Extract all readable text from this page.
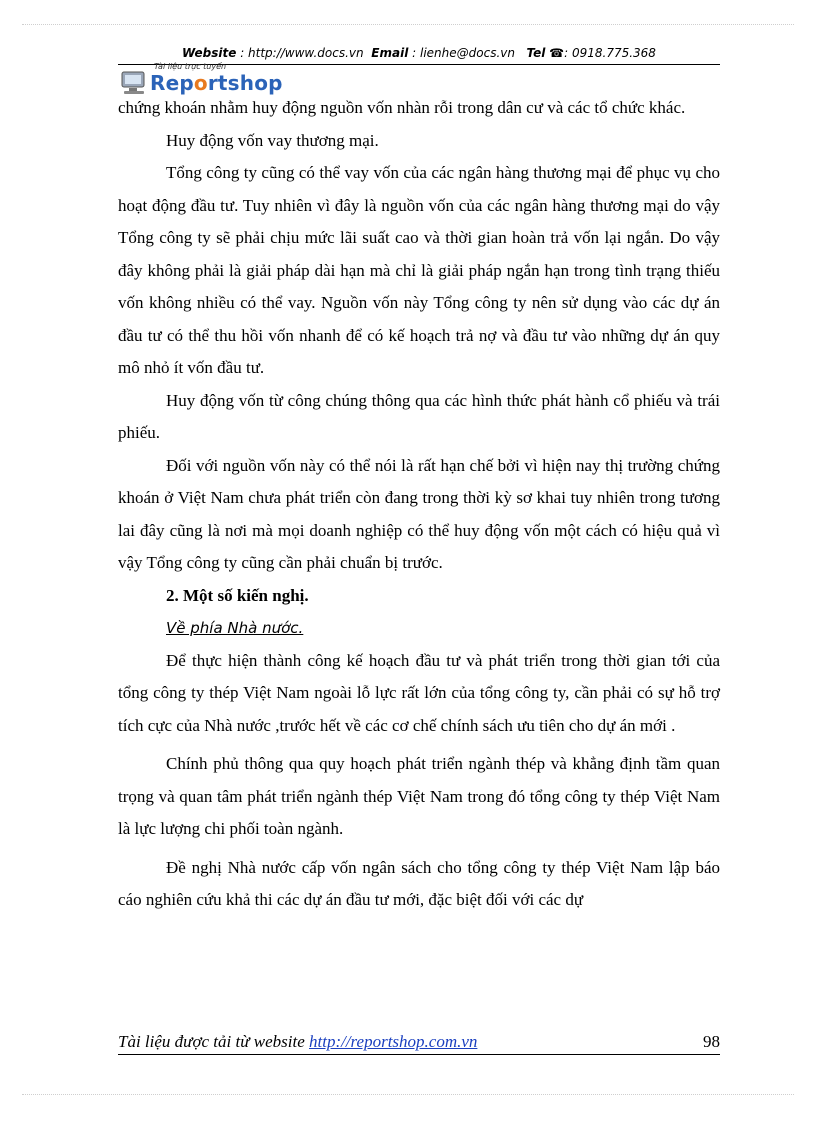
Website : http://www.docs.vn Email : lienhe@docs.vn Tel ☎: 0918.775.368
Tài liệu trực tuyến
Reportshop

chứng khoán nhằm huy động nguồn vốn nhàn rỗi trong dân cư và các tổ chức khác.

Huy động vốn vay thương mại.

Tổng công ty cũng có thể vay vốn của các ngân hàng thương mại để phục vụ cho hoạt động đầu tư. Tuy nhiên vì đây là nguồn vốn của các ngân hàng thương mại do vậy Tổng công ty sẽ phải chịu mức lãi suất cao và thời gian hoàn trả vốn lại ngắn. Do vậy đây không phải là giải pháp dài hạn mà chỉ là giải pháp ngắn hạn trong tình trạng thiếu vốn không nhiều có thể vay. Nguồn vốn này Tổng công ty nên sử dụng vào các dự án đầu tư có thể thu hồi vốn nhanh để có kế hoạch trả nợ và đầu tư vào những dự án quy mô nhỏ ít vốn đầu tư.

Huy động vốn từ công chúng thông qua các hình thức phát hành cổ phiếu và trái phiếu.

Đối với nguồn vốn này có thể nói là rất hạn chế bởi vì hiện nay thị trường chứng khoán ở Việt Nam chưa phát triển còn đang trong thời kỳ sơ khai tuy nhiên trong tương lai đây cũng là nơi mà mọi doanh nghiệp có thể huy động vốn một cách có hiệu quả vì vậy Tổng công ty cũng cần phải chuẩn bị trước.

2. Một số kiến nghị.

Về phía Nhà nước.

Để thực hiện thành công kế hoạch đầu tư và phát triển trong thời gian tới của tổng công ty thép Việt Nam ngoài lỗ lực rất lớn của tổng công ty, cần phải có sự hỗ trợ tích cực của Nhà nước ,trước hết về các cơ chế chính sách ưu tiên cho dự án mới .

Chính phủ thông qua quy hoạch phát triển ngành thép và khẳng định tầm quan trọng và quan tâm phát triển ngành thép Việt Nam trong đó tổng công ty thép Việt Nam là lực lượng chi phối toàn ngành.

Đề nghị Nhà nước cấp vốn ngân sách cho tổng công ty thép Việt Nam lập báo cáo nghiên cứu khả thi các dự án đầu tư mới, đặc biệt đối với các dự

Tài liệu được tải từ website http://reportshop.com.vn	98
